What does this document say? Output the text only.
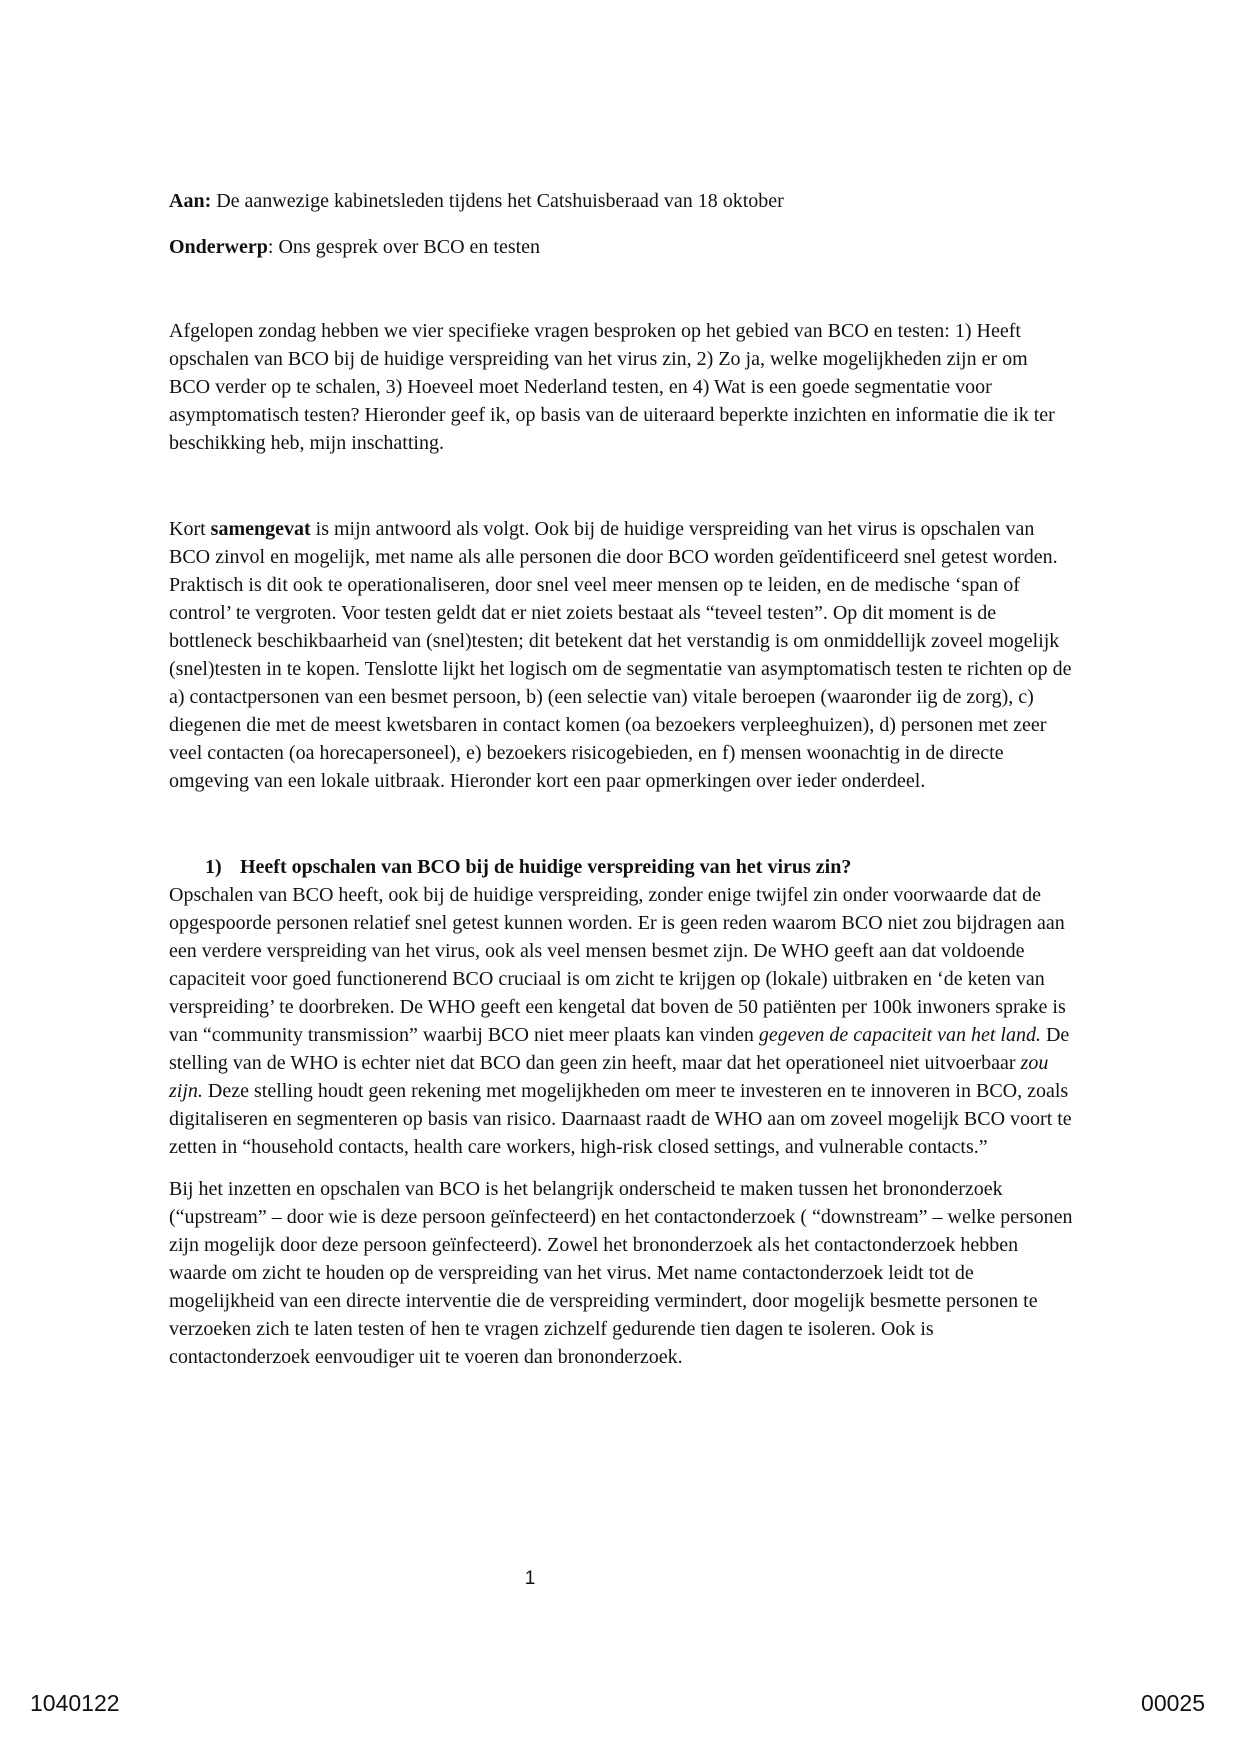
Aan: De aanwezige kabinetsleden tijdens het Catshuisberaad van 18 oktober

Onderwerp: Ons gesprek over BCO en testen

Afgelopen zondag hebben we vier specifieke vragen besproken op het gebied van BCO en testen: 1) Heeft opschalen van BCO bij de huidige verspreiding van het virus zin, 2) Zo ja, welke mogelijkheden zijn er om BCO verder op te schalen, 3) Hoeveel moet Nederland testen, en 4) Wat is een goede segmentatie voor asymptomatisch testen? Hieronder geef ik, op basis van de uiteraard beperkte inzichten en informatie die ik ter beschikking heb, mijn inschatting.

Kort samengevat is mijn antwoord als volgt. Ook bij de huidige verspreiding van het virus is opschalen van BCO zinvol en mogelijk, met name als alle personen die door BCO worden geïdentificeerd snel getest worden. Praktisch is dit ook te operationaliseren, door snel veel meer mensen op te leiden, en de medische ‘span of control’ te vergroten. Voor testen geldt dat er niet zoiets bestaat als “teveel testen”. Op dit moment is de bottleneck beschikbaarheid van (snel)testen; dit betekent dat het verstandig is om onmiddellijk zoveel mogelijk (snel)testen in te kopen. Tenslotte lijkt het logisch om de segmentatie van asymptomatisch testen te richten op de a) contactpersonen van een besmet persoon, b) (een selectie van) vitale beroepen (waaronder iig de zorg), c) diegenen die met de meest kwetsbaren in contact komen (oa bezoekers verpleeghuizen), d) personen met zeer veel contacten (oa horecapersoneel), e) bezoekers risicogebieden, en f) mensen woonachtig in de directe omgeving van een lokale uitbraak. Hieronder kort een paar opmerkingen over ieder onderdeel.

1) Heeft opschalen van BCO bij de huidige verspreiding van het virus zin?

Opschalen van BCO heeft, ook bij de huidige verspreiding, zonder enige twijfel zin onder voorwaarde dat de opgespoorde personen relatief snel getest kunnen worden. Er is geen reden waarom BCO niet zou bijdragen aan een verdere verspreiding van het virus, ook als veel mensen besmet zijn. De WHO geeft aan dat voldoende capaciteit voor goed functionerend BCO cruciaal is om zicht te krijgen op (lokale) uitbraken en ‘de keten van verspreiding’ te doorbreken. De WHO geeft een kengetal dat boven de 50 patiënten per 100k inwoners sprake is van “community transmission” waarbij BCO niet meer plaats kan vinden gegeven de capaciteit van het land. De stelling van de WHO is echter niet dat BCO dan geen zin heeft, maar dat het operationeel niet uitvoerbaar zou zijn. Deze stelling houdt geen rekening met mogelijkheden om meer te investeren en te innoveren in BCO, zoals digitaliseren en segmenteren op basis van risico. Daarnaast raadt de WHO aan om zoveel mogelijk BCO voort te zetten in “household contacts, health care workers, high-risk closed settings, and vulnerable contacts.”

Bij het inzetten en opschalen van BCO is het belangrijk onderscheid te maken tussen het brononderzoek (“upstream” – door wie is deze persoon geïnfecteerd) en het contactonderzoek ( “downstream” – welke personen zijn mogelijk door deze persoon geïnfecteerd). Zowel het brononderzoek als het contactonderzoek hebben waarde om zicht te houden op de verspreiding van het virus. Met name contactonderzoek leidt tot de mogelijkheid van een directe interventie die de verspreiding vermindert, door mogelijk besmette personen te verzoeken zich te laten testen of hen te vragen zichzelf gedurende tien dagen te isoleren. Ook is contactonderzoek eenvoudiger uit te voeren dan brononderzoek.

1
1040122	00025
